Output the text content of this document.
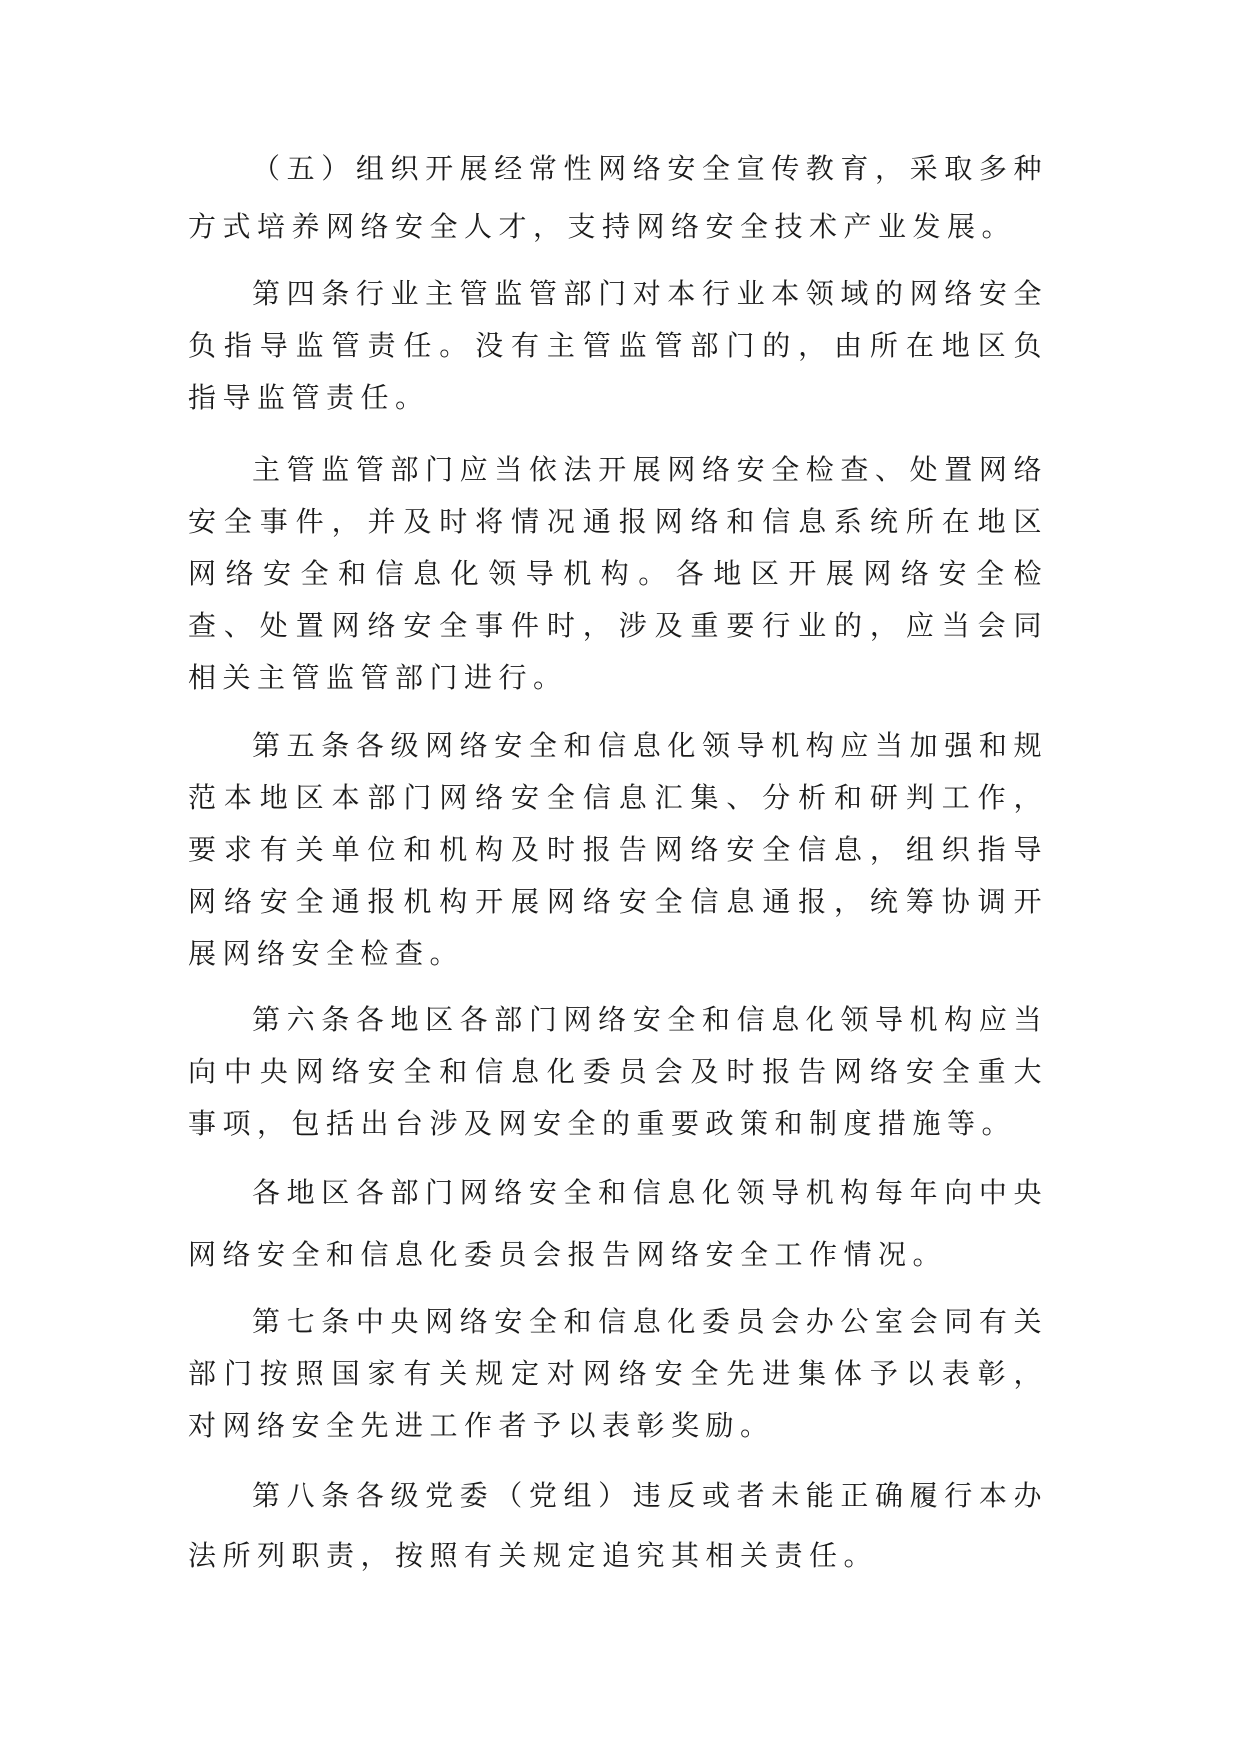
（五）组织开展经常性网络安全宣传教育，采取多种方式培养网络安全人才，支持网络安全技术产业发展。

第四条行业主管监管部门对本行业本领域的网络安全负指导监管责任。没有主管监管部门的，由所在地区负指导监管责任。

主管监管部门应当依法开展网络安全检查、处置网络安全事件，并及时将情况通报网络和信息系统所在地区网络安全和信息化领导机构。各地区开展网络安全检查、处置网络安全事件时，涉及重要行业的，应当会同相关主管监管部门进行。

第五条各级网络安全和信息化领导机构应当加强和规范本地区本部门网络安全信息汇集、分析和研判工作，要求有关单位和机构及时报告网络安全信息，组织指导网络安全通报机构开展网络安全信息通报，统筹协调开展网络安全检查。

第六条各地区各部门网络安全和信息化领导机构应当向中央网络安全和信息化委员会及时报告网络安全重大事项，包括出台涉及网安全的重要政策和制度措施等。

各地区各部门网络安全和信息化领导机构每年向中央网络安全和信息化委员会报告网络安全工作情况。

第七条中央网络安全和信息化委员会办公室会同有关部门按照国家有关规定对网络安全先进集体予以表彰，对网络安全先进工作者予以表彰奖励。

第八条各级党委（党组）违反或者未能正确履行本办法所列职责，按照有关规定追究其相关责任。
